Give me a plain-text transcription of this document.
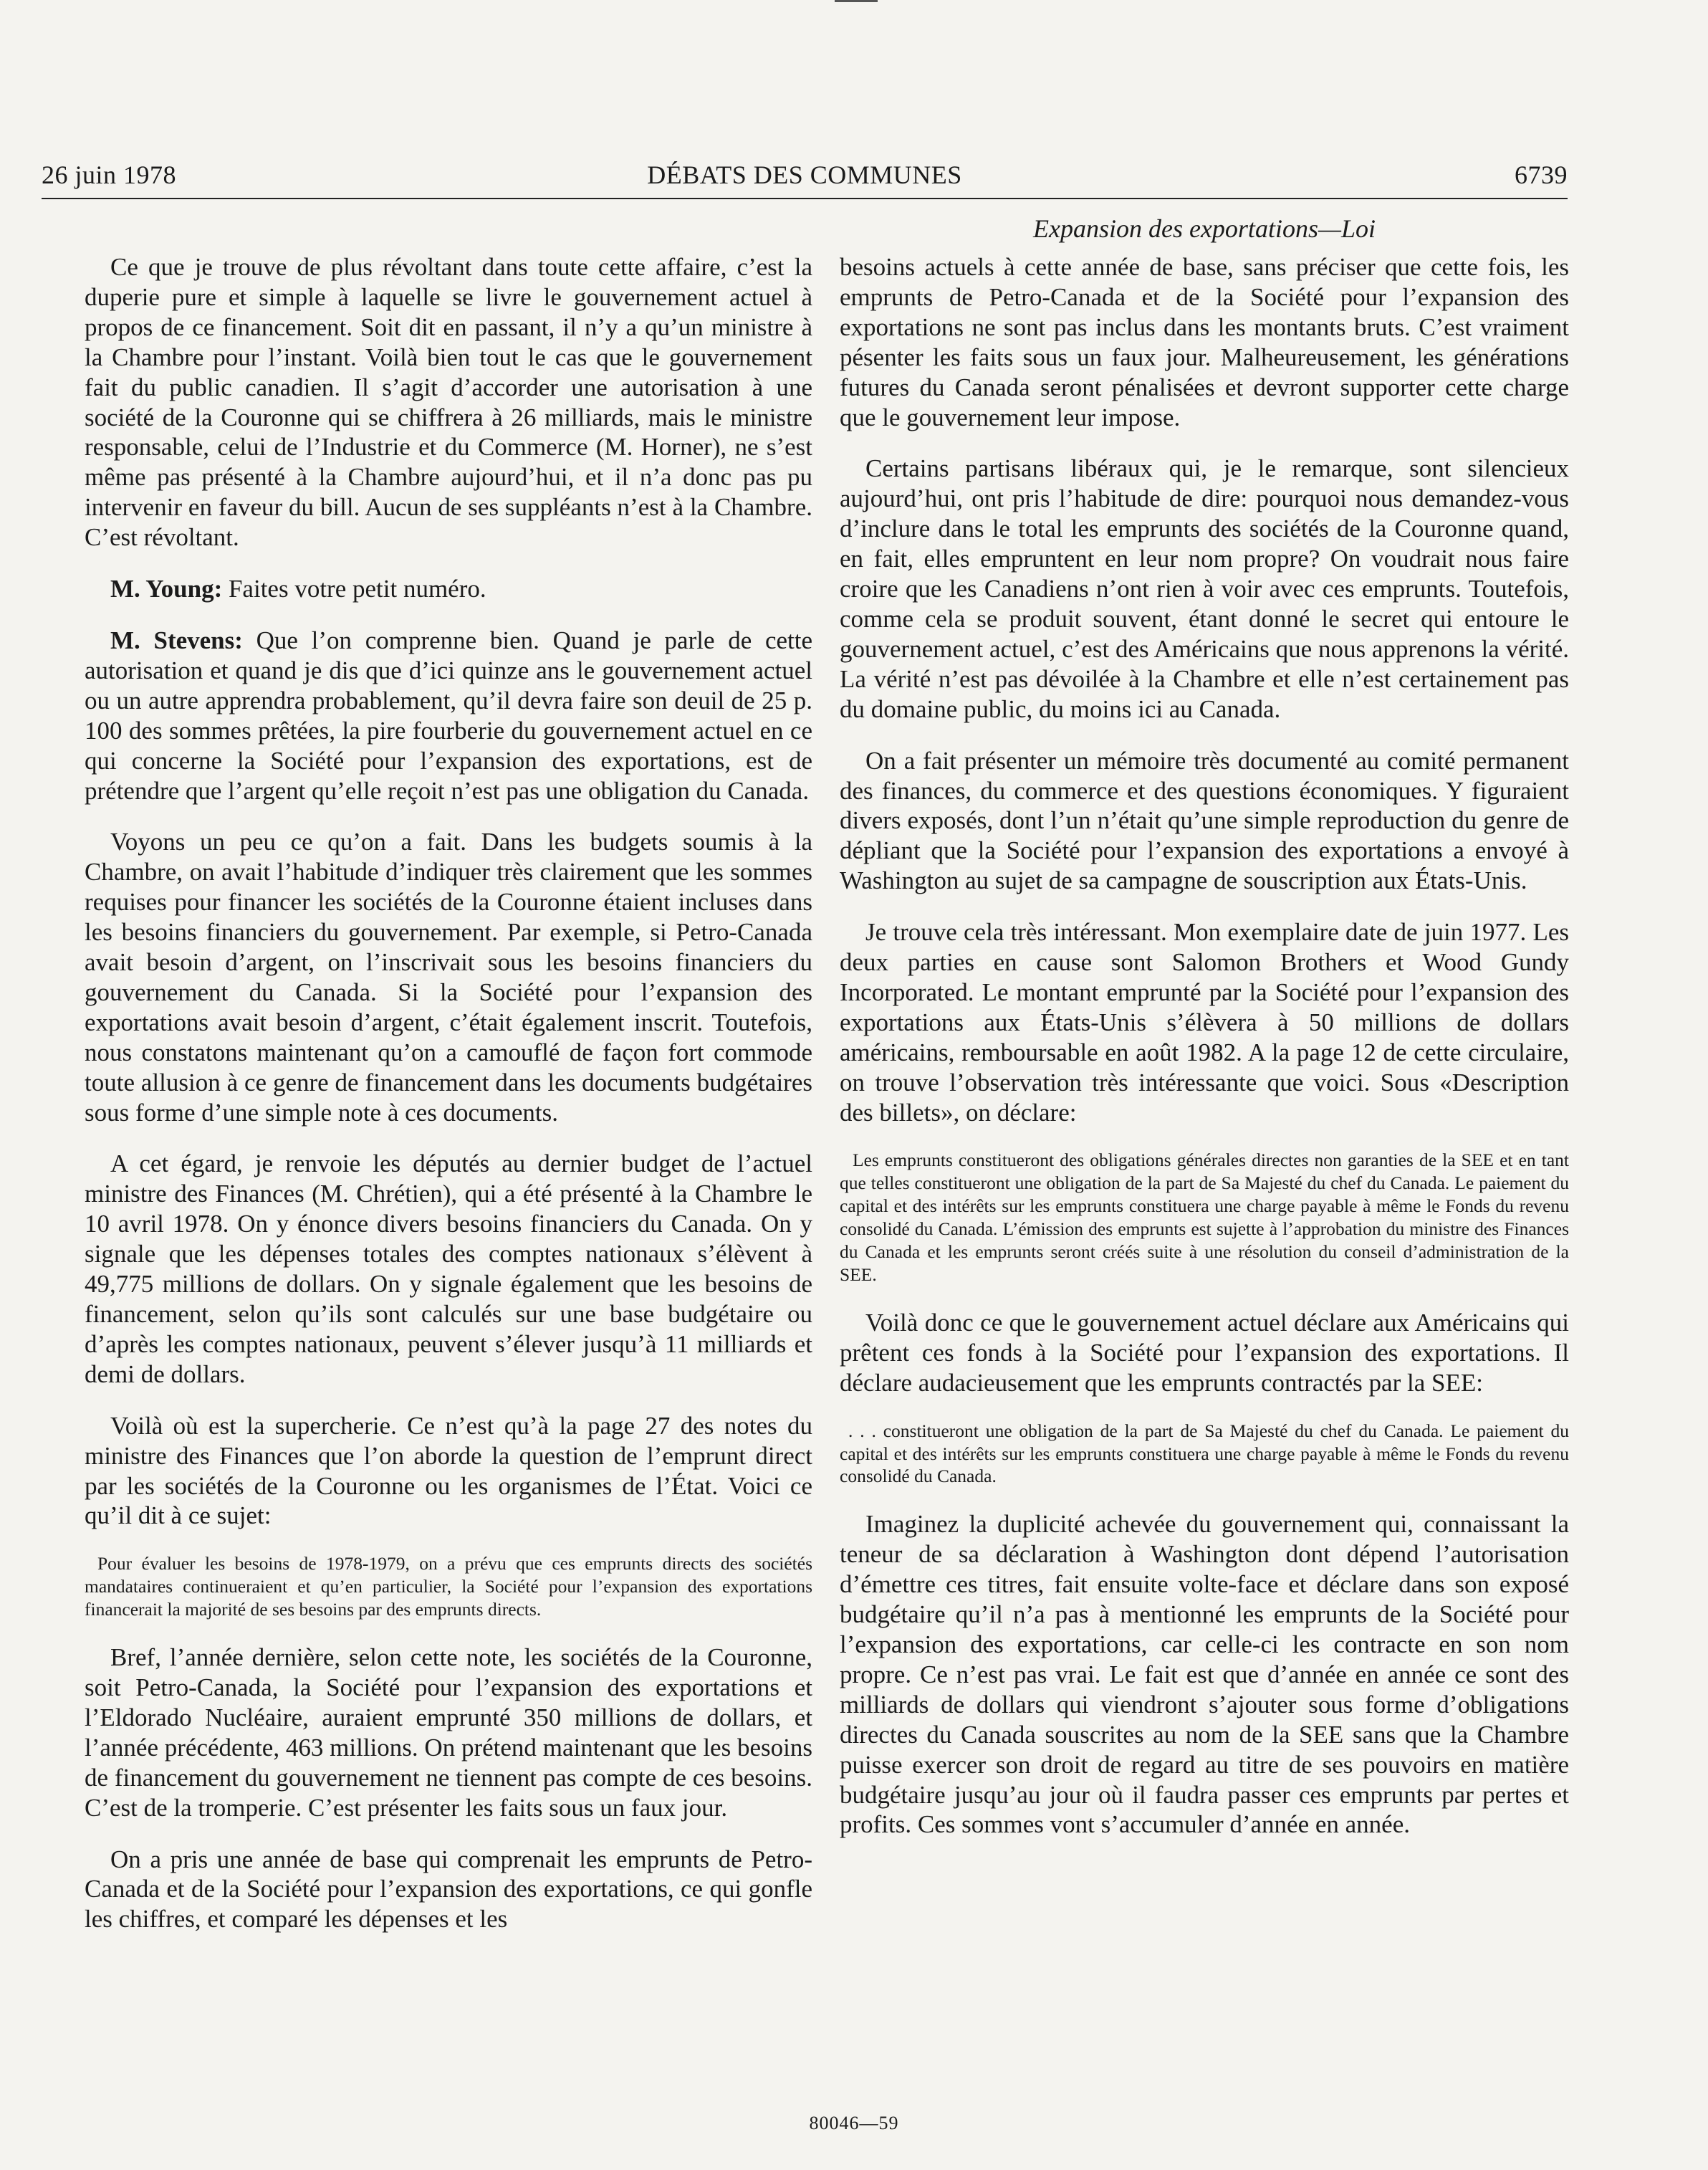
26 juin 1978	DÉBATS DES COMMUNES	6739
Expansion des exportations—Loi

Ce que je trouve de plus révoltant dans toute cette affaire, c’est la duperie pure et simple à laquelle se livre le gouvernement actuel à propos de ce financement. Soit dit en passant, il n’y a qu’un ministre à la Chambre pour l’instant. Voilà bien tout le cas que le gouvernement fait du public canadien. Il s’agit d’accorder une autorisation à une société de la Couronne qui se chiffrera à 26 milliards, mais le ministre responsable, celui de l’Industrie et du Commerce (M. Horner), ne s’est même pas présenté à la Chambre aujourd’hui, et il n’a donc pas pu intervenir en faveur du bill. Aucun de ses suppléants n’est à la Chambre. C’est révoltant.

M. Young: Faites votre petit numéro.

M. Stevens: Que l’on comprenne bien. Quand je parle de cette autorisation et quand je dis que d’ici quinze ans le gouvernement actuel ou un autre apprendra probablement, qu’il devra faire son deuil de 25 p. 100 des sommes prêtées, la pire fourberie du gouvernement actuel en ce qui concerne la Société pour l’expansion des exportations, est de prétendre que l’argent qu’elle reçoit n’est pas une obligation du Canada.

Voyons un peu ce qu’on a fait. Dans les budgets soumis à la Chambre, on avait l’habitude d’indiquer très clairement que les sommes requises pour financer les sociétés de la Couronne étaient incluses dans les besoins financiers du gouvernement. Par exemple, si Petro-Canada avait besoin d’argent, on l’inscrivait sous les besoins financiers du gouvernement du Canada. Si la Société pour l’expansion des exportations avait besoin d’argent, c’était également inscrit. Toutefois, nous constatons maintenant qu’on a camouflé de façon fort commode toute allusion à ce genre de financement dans les documents budgétaires sous forme d’une simple note à ces documents.

A cet égard, je renvoie les députés au dernier budget de l’actuel ministre des Finances (M. Chrétien), qui a été présenté à la Chambre le 10 avril 1978. On y énonce divers besoins financiers du Canada. On y signale que les dépenses totales des comptes nationaux s’élèvent à 49,775 millions de dollars. On y signale également que les besoins de financement, selon qu’ils sont calculés sur une base budgétaire ou d’après les comptes nationaux, peuvent s’élever jusqu’à 11 milliards et demi de dollars.

Voilà où est la supercherie. Ce n’est qu’à la page 27 des notes du ministre des Finances que l’on aborde la question de l’emprunt direct par les sociétés de la Couronne ou les organismes de l’État. Voici ce qu’il dit à ce sujet:

Pour évaluer les besoins de 1978-1979, on a prévu que ces emprunts directs des sociétés mandataires continueraient et qu’en particulier, la Société pour l’expansion des exportations financerait la majorité de ses besoins par des emprunts directs.

Bref, l’année dernière, selon cette note, les sociétés de la Couronne, soit Petro-Canada, la Société pour l’expansion des exportations et l’Eldorado Nucléaire, auraient emprunté 350 millions de dollars, et l’année précédente, 463 millions. On prétend maintenant que les besoins de financement du gouvernement ne tiennent pas compte de ces besoins. C’est de la tromperie. C’est présenter les faits sous un faux jour.

On a pris une année de base qui comprenait les emprunts de Petro-Canada et de la Société pour l’expansion des exportations, ce qui gonfle les chiffres, et comparé les dépenses et les

besoins actuels à cette année de base, sans préciser que cette fois, les emprunts de Petro-Canada et de la Société pour l’expansion des exportations ne sont pas inclus dans les montants bruts. C’est vraiment pésenter les faits sous un faux jour. Malheureusement, les générations futures du Canada seront pénalisées et devront supporter cette charge que le gouvernement leur impose.

Certains partisans libéraux qui, je le remarque, sont silencieux aujourd’hui, ont pris l’habitude de dire: pourquoi nous demandez-vous d’inclure dans le total les emprunts des sociétés de la Couronne quand, en fait, elles empruntent en leur nom propre? On voudrait nous faire croire que les Canadiens n’ont rien à voir avec ces emprunts. Toutefois, comme cela se produit souvent, étant donné le secret qui entoure le gouvernement actuel, c’est des Américains que nous apprenons la vérité. La vérité n’est pas dévoilée à la Chambre et elle n’est certainement pas du domaine public, du moins ici au Canada.

On a fait présenter un mémoire très documenté au comité permanent des finances, du commerce et des questions économiques. Y figuraient divers exposés, dont l’un n’était qu’une simple reproduction du genre de dépliant que la Société pour l’expansion des exportations a envoyé à Washington au sujet de sa campagne de souscription aux États-Unis.

Je trouve cela très intéressant. Mon exemplaire date de juin 1977. Les deux parties en cause sont Salomon Brothers et Wood Gundy Incorporated. Le montant emprunté par la Société pour l’expansion des exportations aux États-Unis s’élèvera à 50 millions de dollars américains, remboursable en août 1982. A la page 12 de cette circulaire, on trouve l’observation très intéressante que voici. Sous «Description des billets», on déclare:

Les emprunts constitueront des obligations générales directes non garanties de la SEE et en tant que telles constitueront une obligation de la part de Sa Majesté du chef du Canada. Le paiement du capital et des intérêts sur les emprunts constituera une charge payable à même le Fonds du revenu consolidé du Canada. L’émission des emprunts est sujette à l’approbation du ministre des Finances du Canada et les emprunts seront créés suite à une résolution du conseil d’administration de la SEE.

Voilà donc ce que le gouvernement actuel déclare aux Américains qui prêtent ces fonds à la Société pour l’expansion des exportations. Il déclare audacieusement que les emprunts contractés par la SEE:

. . . constitueront une obligation de la part de Sa Majesté du chef du Canada. Le paiement du capital et des intérêts sur les emprunts constituera une charge payable à même le Fonds du revenu consolidé du Canada.

Imaginez la duplicité achevée du gouvernement qui, connaissant la teneur de sa déclaration à Washington dont dépend l’autorisation d’émettre ces titres, fait ensuite volte-face et déclare dans son exposé budgétaire qu’il n’a pas à mentionné les emprunts de la Société pour l’expansion des exportations, car celle-ci les contracte en son nom propre. Ce n’est pas vrai. Le fait est que d’année en année ce sont des milliards de dollars qui viendront s’ajouter sous forme d’obligations directes du Canada souscrites au nom de la SEE sans que la Chambre puisse exercer son droit de regard au titre de ses pouvoirs en matière budgétaire jusqu’au jour où il faudra passer ces emprunts par pertes et profits. Ces sommes vont s’accumuler d’année en année.

80046—59
